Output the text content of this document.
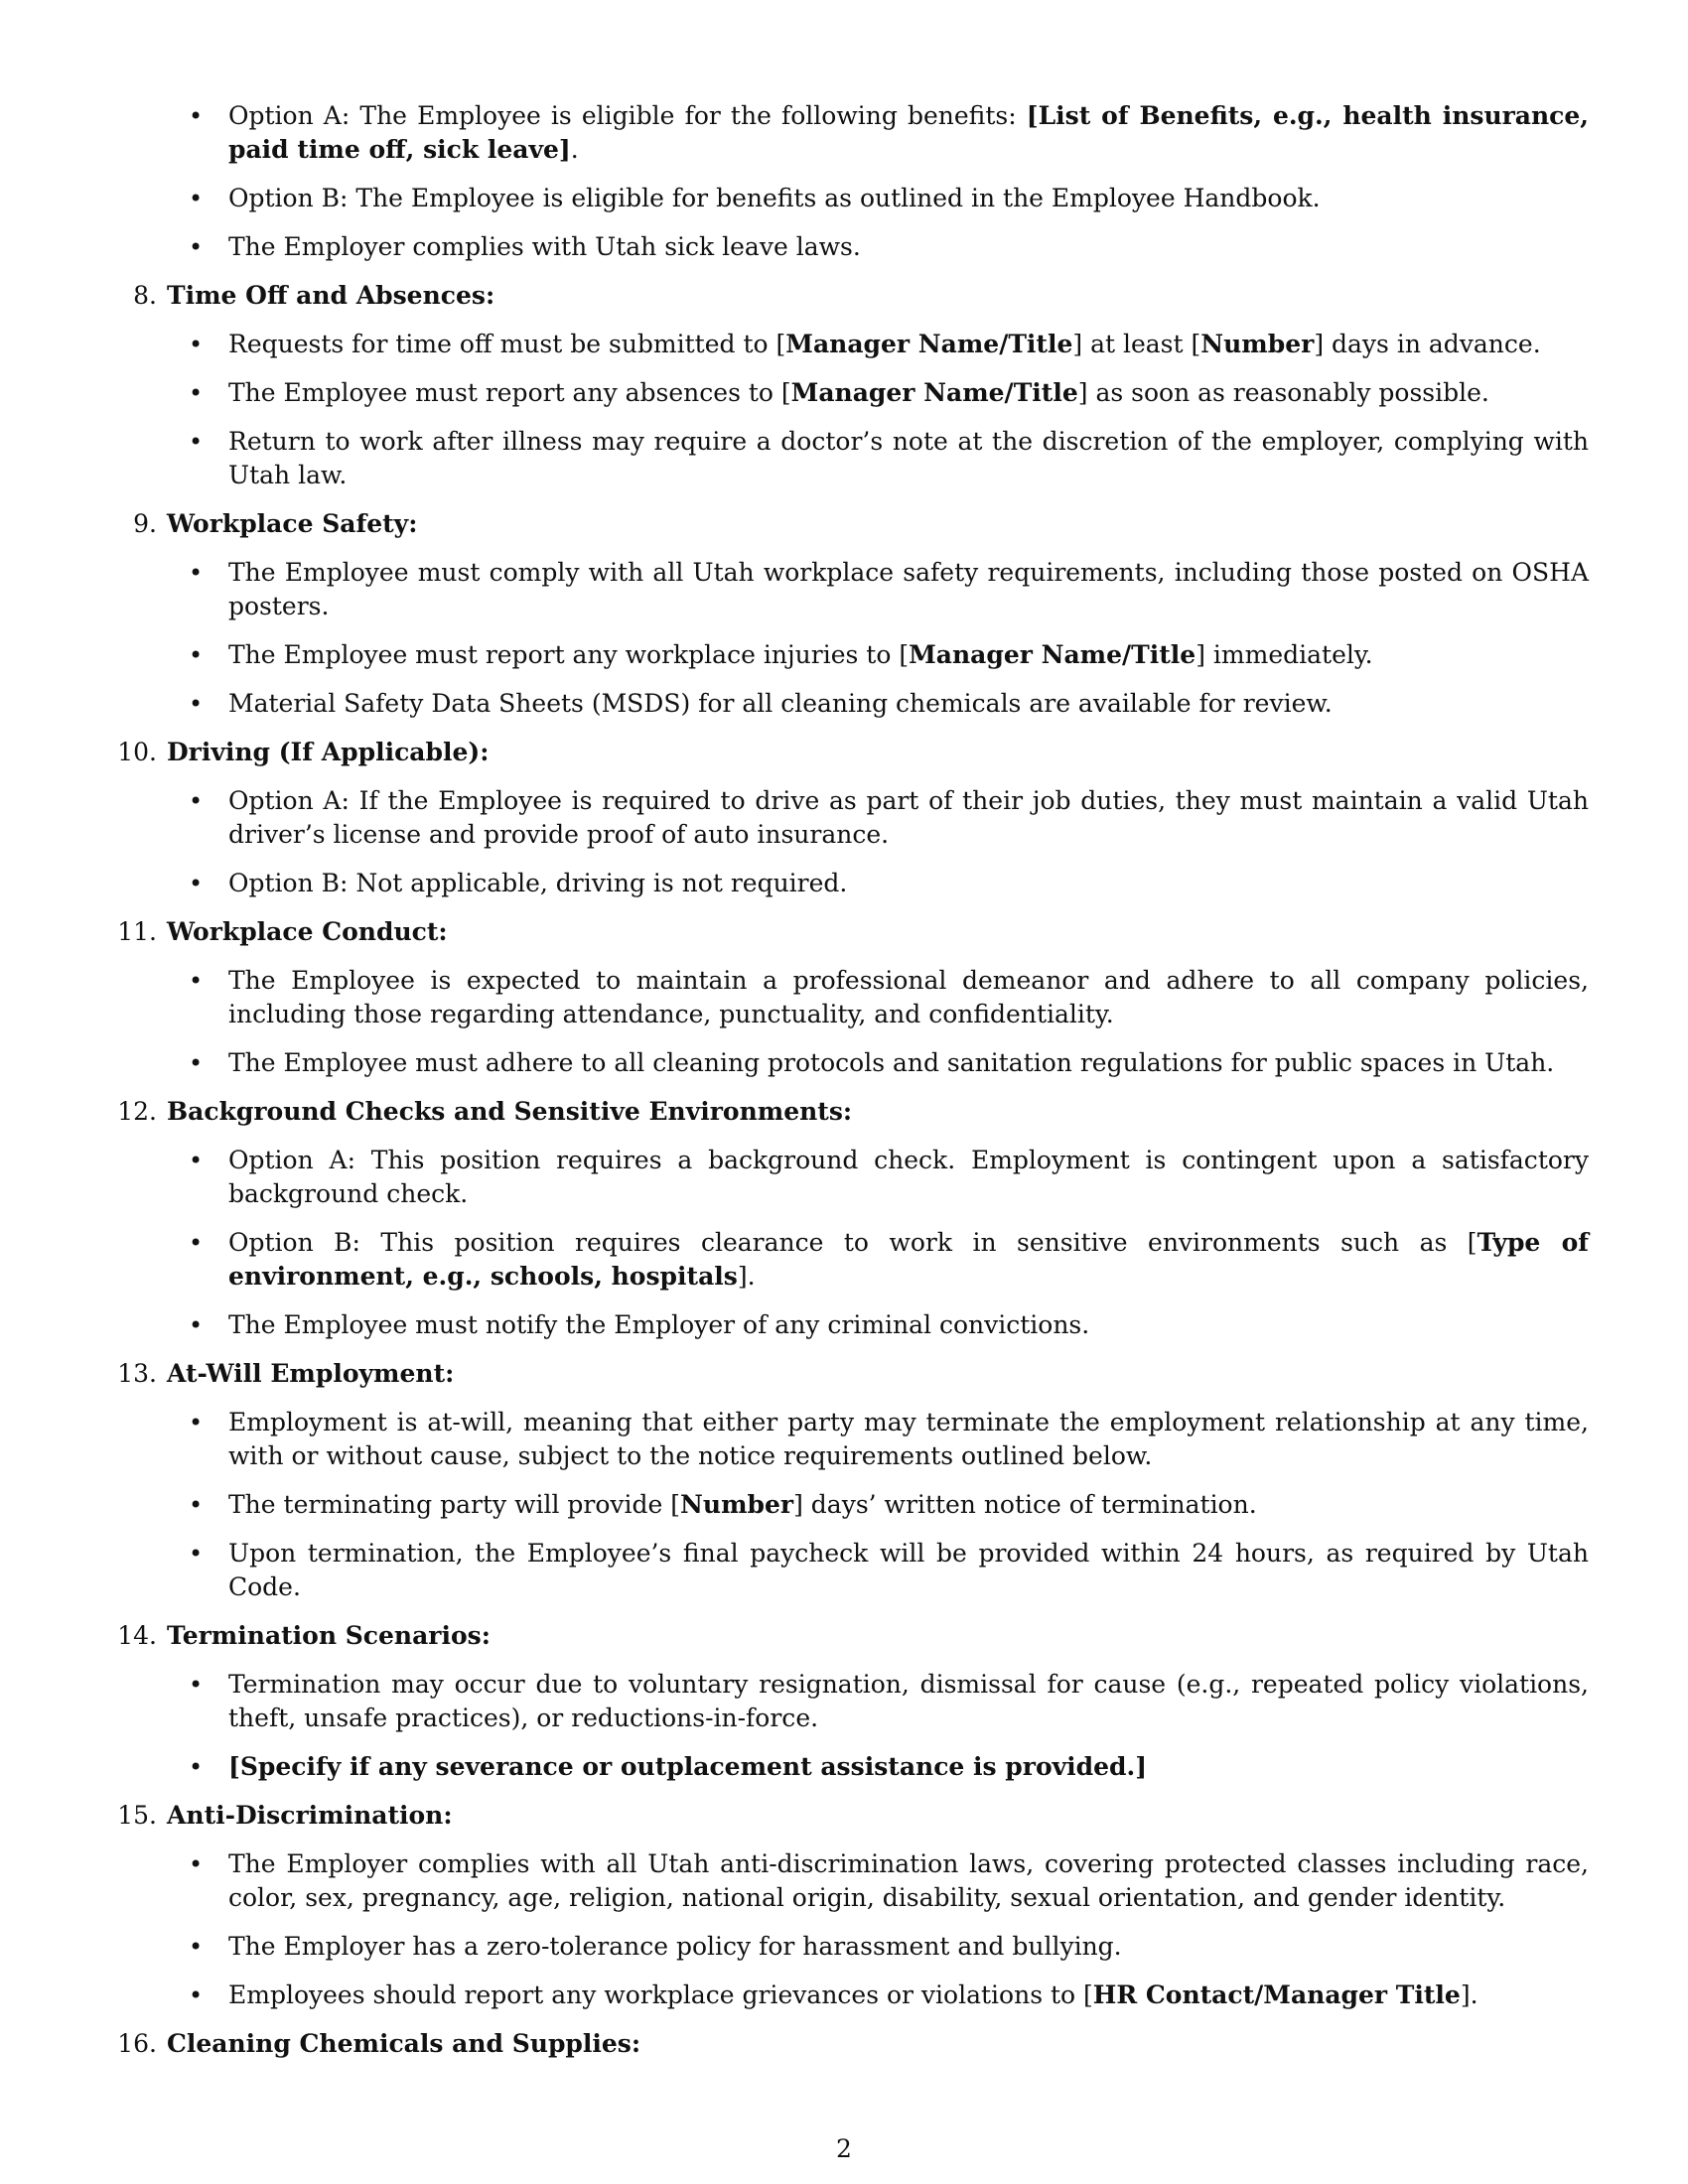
• Option A: The Employee is eligible for the following benefits: [List of Benefits, e.g., health insurance, paid time off, sick leave].
• Option B: The Employee is eligible for benefits as outlined in the Employee Handbook.
• The Employer complies with Utah sick leave laws.
8. Time Off and Absences:
• Requests for time off must be submitted to [Manager Name/Title] at least [Number] days in advance.
• The Employee must report any absences to [Manager Name/Title] as soon as reasonably possible.
• Return to work after illness may require a doctor’s note at the discretion of the employer, complying with Utah law.
9. Workplace Safety:
• The Employee must comply with all Utah workplace safety requirements, including those posted on OSHA posters.
• The Employee must report any workplace injuries to [Manager Name/Title] immediately.
• Material Safety Data Sheets (MSDS) for all cleaning chemicals are available for review.
10. Driving (If Applicable):
• Option A: If the Employee is required to drive as part of their job duties, they must maintain a valid Utah driver’s license and provide proof of auto insurance.
• Option B: Not applicable, driving is not required.
11. Workplace Conduct:
• The Employee is expected to maintain a professional demeanor and adhere to all company policies, including those regarding attendance, punctuality, and confidentiality.
• The Employee must adhere to all cleaning protocols and sanitation regulations for public spaces in Utah.
12. Background Checks and Sensitive Environments:
• Option A: This position requires a background check. Employment is contingent upon a satisfactory background check.
• Option B: This position requires clearance to work in sensitive environments such as [Type of environment, e.g., schools, hospitals].
• The Employee must notify the Employer of any criminal convictions.
13. At-Will Employment:
• Employment is at-will, meaning that either party may terminate the employment relationship at any time, with or without cause, subject to the notice requirements outlined below.
• The terminating party will provide [Number] days’ written notice of termination.
• Upon termination, the Employee’s final paycheck will be provided within 24 hours, as required by Utah Code.
14. Termination Scenarios:
• Termination may occur due to voluntary resignation, dismissal for cause (e.g., repeated policy violations, theft, unsafe practices), or reductions-in-force.
• [Specify if any severance or outplacement assistance is provided.]
15. Anti-Discrimination:
• The Employer complies with all Utah anti-discrimination laws, covering protected classes including race, color, sex, pregnancy, age, religion, national origin, disability, sexual orientation, and gender identity.
• The Employer has a zero-tolerance policy for harassment and bullying.
• Employees should report any workplace grievances or violations to [HR Contact/Manager Title].
16. Cleaning Chemicals and Supplies:
2
